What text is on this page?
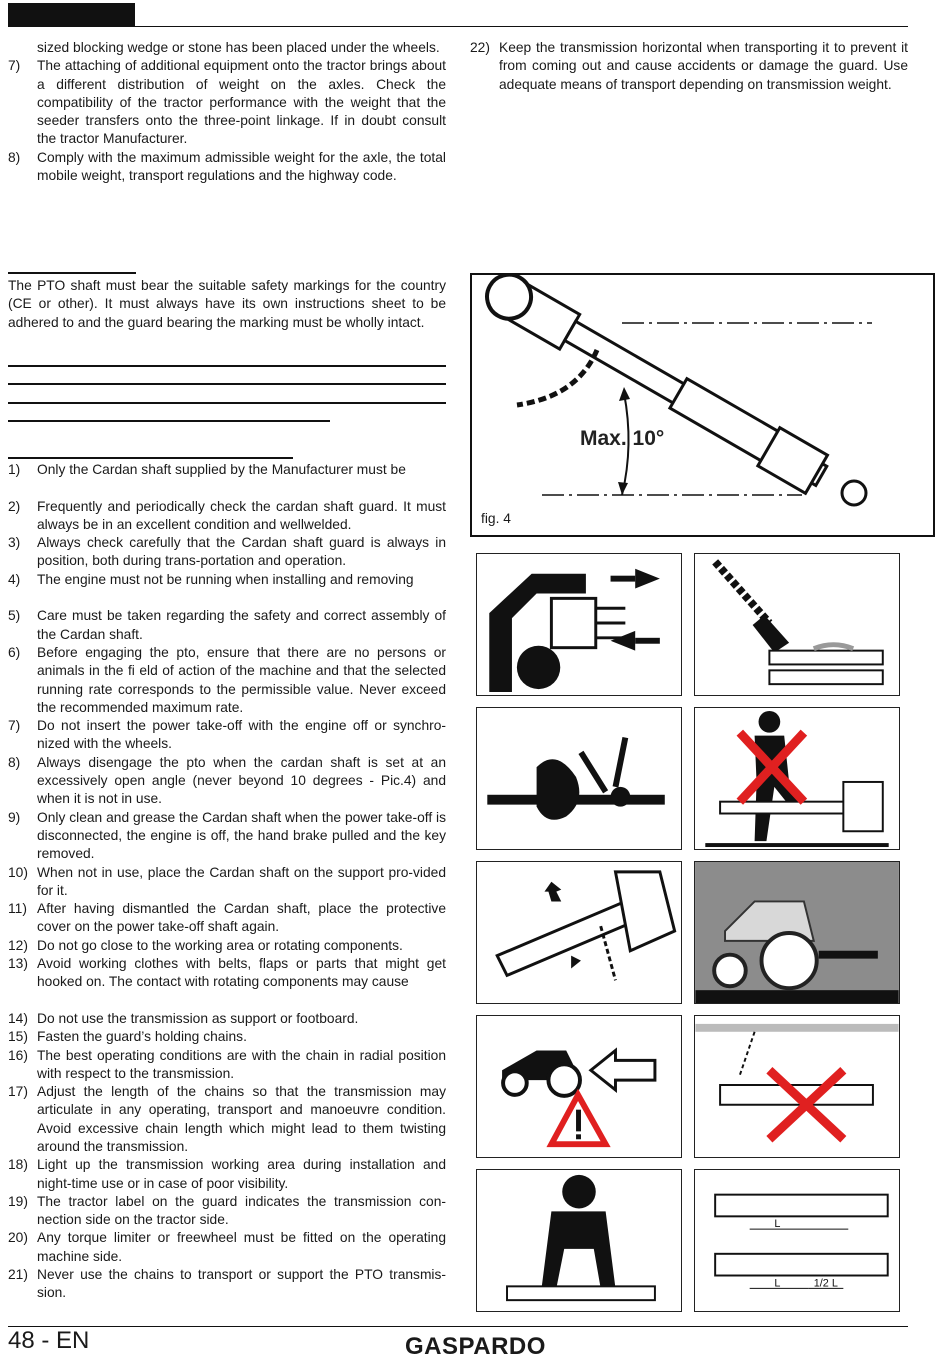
sized blocking wedge or stone has been placed under the wheels.
7)	The attaching of additional equipment onto the tractor brings about a different distribution of weight on the axles. Check the compatibility of the tractor performance with the weight that the seeder transfers onto the three-point linkage. If in doubt consult the tractor Manufacturer.
8)	Comply with the maximum admissible weight for the axle, the total mobile weight, transport regulations and the highway code.
22) Keep the transmission horizontal when transporting it to prevent it from coming out and cause accidents or damage the guard. Use adequate means of transport depending on transmission weight.
The PTO shaft must bear the suitable safety markings for the country (CE or other). It must always have its own instructions sheet to be adhered to and the guard bearing the marking must be wholly intact.
1)	Only the Cardan shaft supplied by the Manufacturer must be
2)	Frequently and periodically check the cardan shaft guard. It must always be in an excellent condition and wellwelded.
3)	Always check carefully that the Cardan shaft guard is always in position, both during trans-portation and operation.
4)	The engine must not be running when installing and removing
5)	Care must be taken regarding the safety and correct assembly of the Cardan shaft.
6)	Before engaging the pto, ensure that there are no persons or animals in the fi eld of action of the machine and that the selected running rate corresponds to the permissible value. Never exceed the recommended maximum rate.
7)	Do not insert the power take-off with the engine off or synchro-nized with the wheels.
8)	Always disengage the pto when the cardan shaft is set at an excessively open angle (never beyond 10 degrees - Pic.4) and when it is not in use.
9)	Only clean and grease the Cardan shaft when the power take-off is disconnected, the engine is off, the hand brake pulled and the key removed.
10) When not in use, place the Cardan shaft on the support pro-vided for it.
11) After having dismantled the Cardan shaft, place the protective cover on the power take-off shaft again.
12) Do not go close to the working area or rotating components.
13) Avoid working clothes with belts, flaps or parts that might get hooked on. The contact with rotating components may cause
14) Do not use the transmission as support or footboard.
15) Fasten the guard’s holding chains.
16) The best operating conditions are with the chain in radial position with respect to the transmission.
17) Adjust the length of the chains so that the transmission may articulate in any operating, transport and manoeuvre condition. Avoid excessive chain length which might lead to them twisting around the transmission.
18) Light up the transmission working area during installation and night-time use or in case of poor visibility.
19) The tractor label on the guard indicates the transmission con-nection side on the tractor side.
20) Any torque limiter or freewheel must be fitted on the operating machine side.
21) Never use the chains to transport or support the PTO transmis-sion.
Max. 10°
fig. 4
L
L	1/2 L
48 - EN	GASPARDO
